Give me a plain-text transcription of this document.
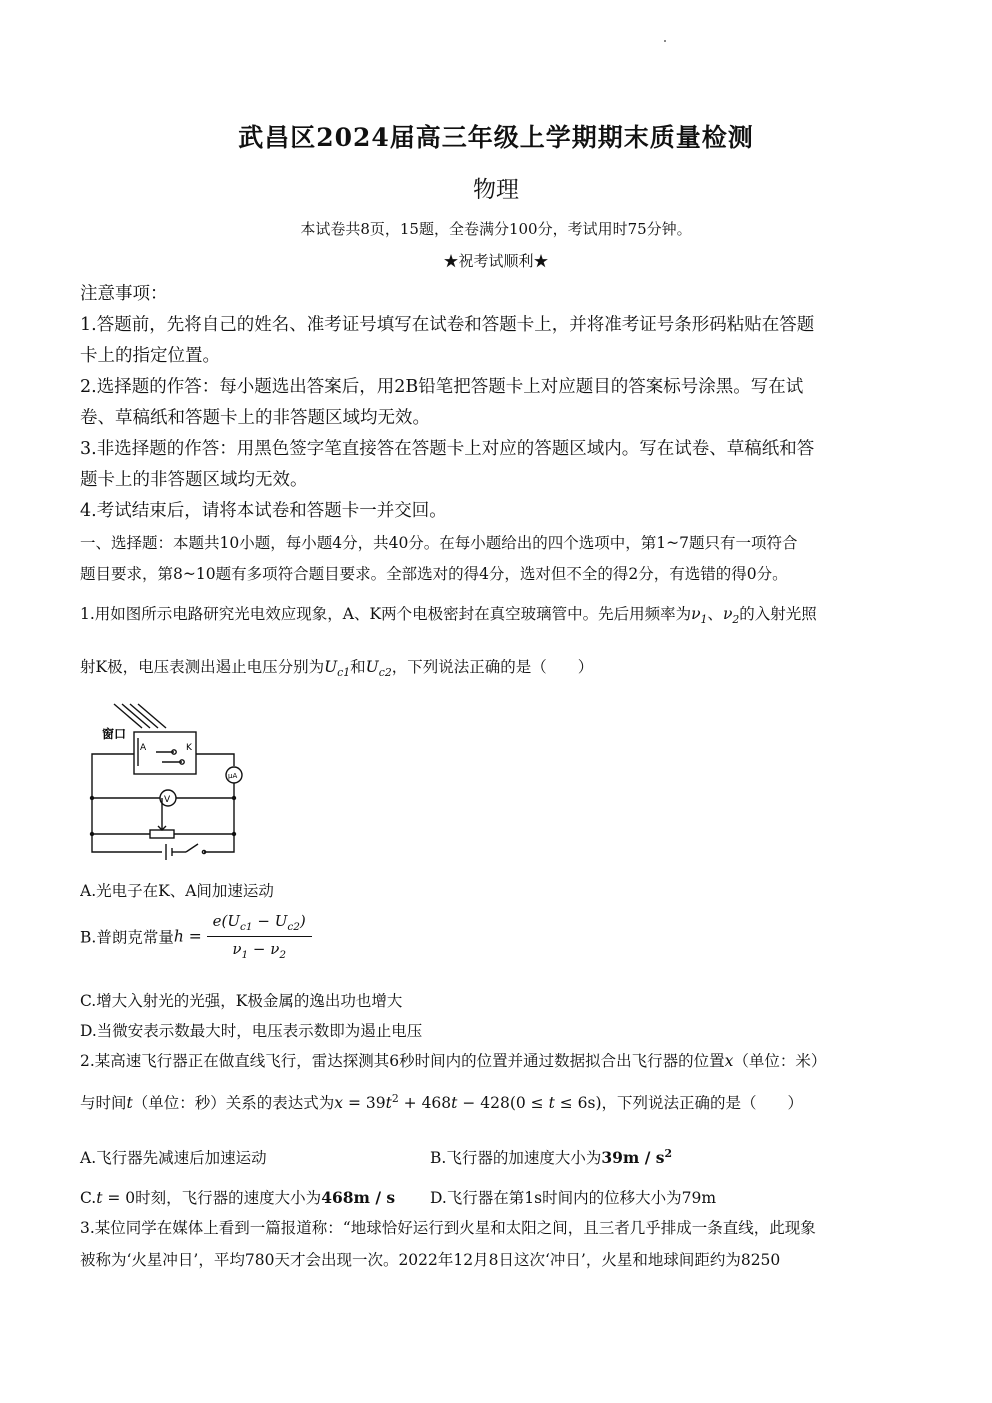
武昌区2024届高三年级上学期期末质量检测
物理
本试卷共8页，15题，全卷满分100分，考试用时75分钟。
★祝考试顺利★
注意事项：
1.答题前，先将自己的姓名、准考证号填写在试卷和答题卡上，并将准考证号条形码粘贴在答题
卡上的指定位置。
2.选择题的作答：每小题选出答案后，用2B铅笔把答题卡上对应题目的答案标号涂黑。写在试
卷、草稿纸和答题卡上的非答题区域均无效。
3.非选择题的作答：用黑色签字笔直接答在答题卡上对应的答题区域内。写在试卷、草稿纸和答
题卡上的非答题区域均无效。
4.考试结束后，请将本试卷和答题卡一并交回。
一、选择题：本题共10小题，每小题4分，共40分。在每小题给出的四个选项中，第1~7题只有一项符合
题目要求，第8~10题有多项符合题目要求。全部选对的得4分，选对但不全的得2分，有选错的得0分。
1.用如图所示电路研究光电效应现象，A、K两个电极密封在真空玻璃管中。先后用频率为$\nu_1$、$\nu_2$的入射光照
射K极，电压表测出遏止电压分别为$U_{c1}$和$U_{c2}$，下列说法正确的是（　　）
窗口
A	K
μA
V
A.光电子在K、A间加速运动
B.普朗克常量$h = \frac{e(U_{c1} - U_{c2})}{\nu_1 - \nu_2}$
C.增大入射光的光强，K极金属的逸出功也增大
D.当微安表示数最大时，电压表示数即为遏止电压
2.某高速飞行器正在做直线飞行，雷达探测其6秒时间内的位置并通过数据拟合出飞行器的位置x（单位：米）
与时间t（单位：秒）关系的表达式为$x = 39t^2 + 468t - 428(0 \le t \le 6s)$，下列说法正确的是（　　）
A.飞行器先减速后加速运动	B.飞行器的加速度大小为$39m / s^2$
C.t = 0时刻，飞行器的速度大小为468m / s D.飞行器在第1s时间内的位移大小为79m
3.某位同学在媒体上看到一篇报道称：“地球恰好运行到火星和太阳之间，且三者几乎排成一条直线，此现象
被称为‘火星冲日’，平均780天才会出现一次。2022年12月8日这次‘冲日’，火星和地球间距约为8250
